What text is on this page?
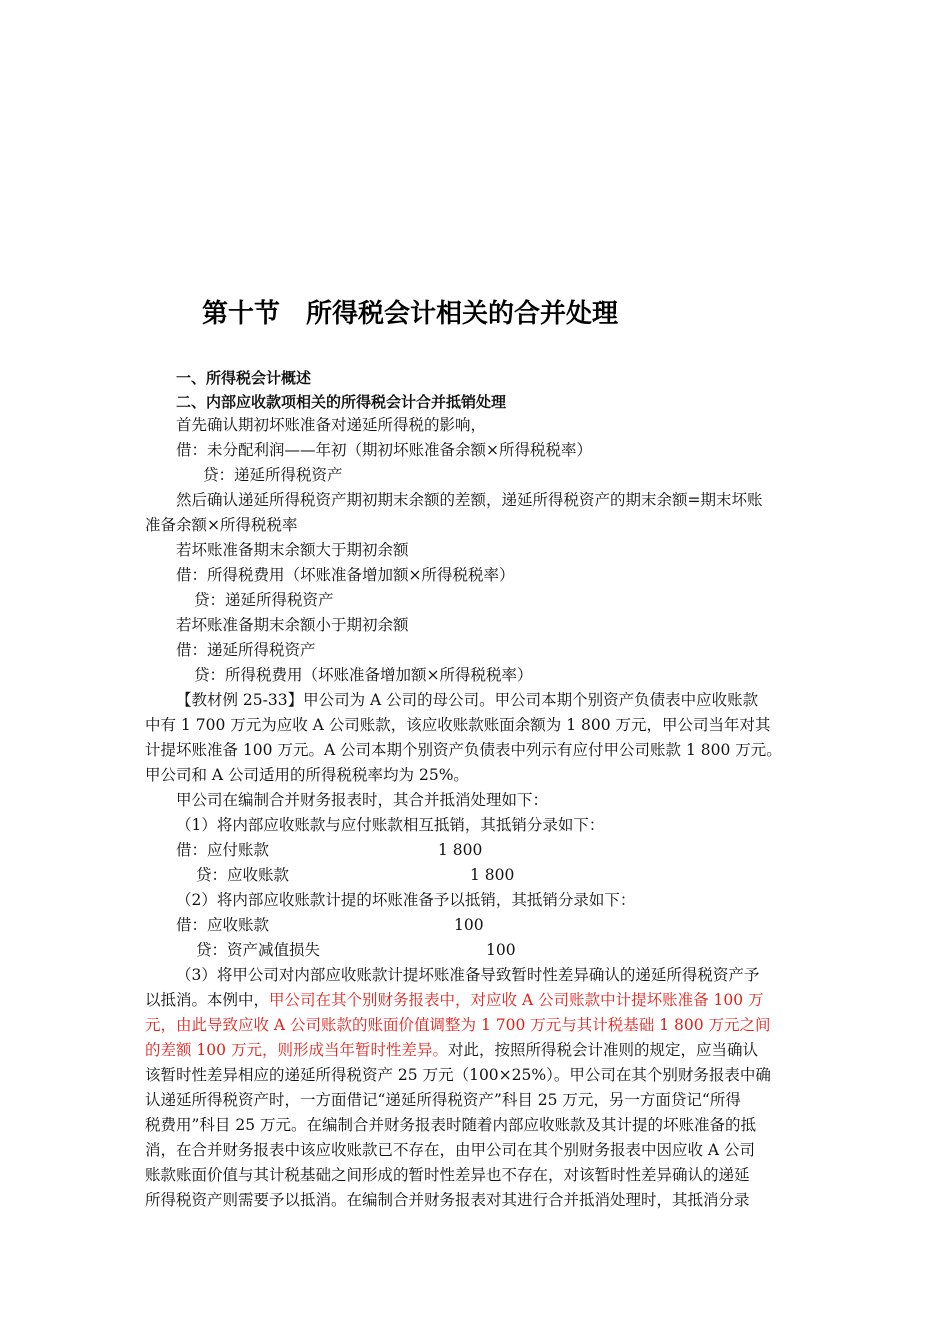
第十节　所得税会计相关的合并处理
一、所得税会计概述
二、内部应收款项相关的所得税会计合并抵销处理
首先确认期初坏账准备对递延所得税的影响，
借：未分配利润——年初（期初坏账准备余额×所得税税率）
贷：递延所得税资产
然后确认递延所得税资产期初期末余额的差额，递延所得税资产的期末余额=期末坏账
准备余额×所得税税率
若坏账准备期末余额大于期初余额
借：所得税费用（坏账准备增加额×所得税税率）
贷：递延所得税资产
若坏账准备期末余额小于期初余额
借：递延所得税资产
贷：所得税费用（坏账准备增加额×所得税税率）
【教材例 25-33】甲公司为 A 公司的母公司。甲公司本期个别资产负债表中应收账款
中有 1 700 万元为应收 A 公司账款，该应收账款账面余额为 1 800 万元，甲公司当年对其
计提坏账准备 100 万元。A 公司本期个别资产负债表中列示有应付甲公司账款 1 800 万元。
甲公司和 A 公司适用的所得税税率均为 25%。
甲公司在编制合并财务报表时，其合并抵消处理如下：
（1）将内部应收账款与应付账款相互抵销，其抵销分录如下：
借：应付账款	1 800
贷：应收账款	1 800
（2）将内部应收账款计提的坏账准备予以抵销，其抵销分录如下：
借：应收账款	100
贷：资产减值损失	100
（3）将甲公司对内部应收账款计提坏账准备导致暂时性差异确认的递延所得税资产予
以抵消。本例中，甲公司在其个别财务报表中，对应收 A 公司账款中计提坏账准备 100 万
元，由此导致应收 A 公司账款的账面价值调整为 1 700 万元与其计税基础 1 800 万元之间
的差额 100 万元，则形成当年暂时性差异。对此，按照所得税会计准则的规定，应当确认
该暂时性差异相应的递延所得税资产 25 万元（100×25%）。甲公司在其个别财务报表中确
认递延所得税资产时，一方面借记“递延所得税资产”科目 25 万元，另一方面贷记“所得
税费用”科目 25 万元。在编制合并财务报表时随着内部应收账款及其计提的坏账准备的抵
消，在合并财务报表中该应收账款已不存在，由甲公司在其个别财务报表中因应收 A 公司
账款账面价值与其计税基础之间形成的暂时性差异也不存在，对该暂时性差异确认的递延
所得税资产则需要予以抵消。在编制合并财务报表对其进行合并抵消处理时，其抵消分录
